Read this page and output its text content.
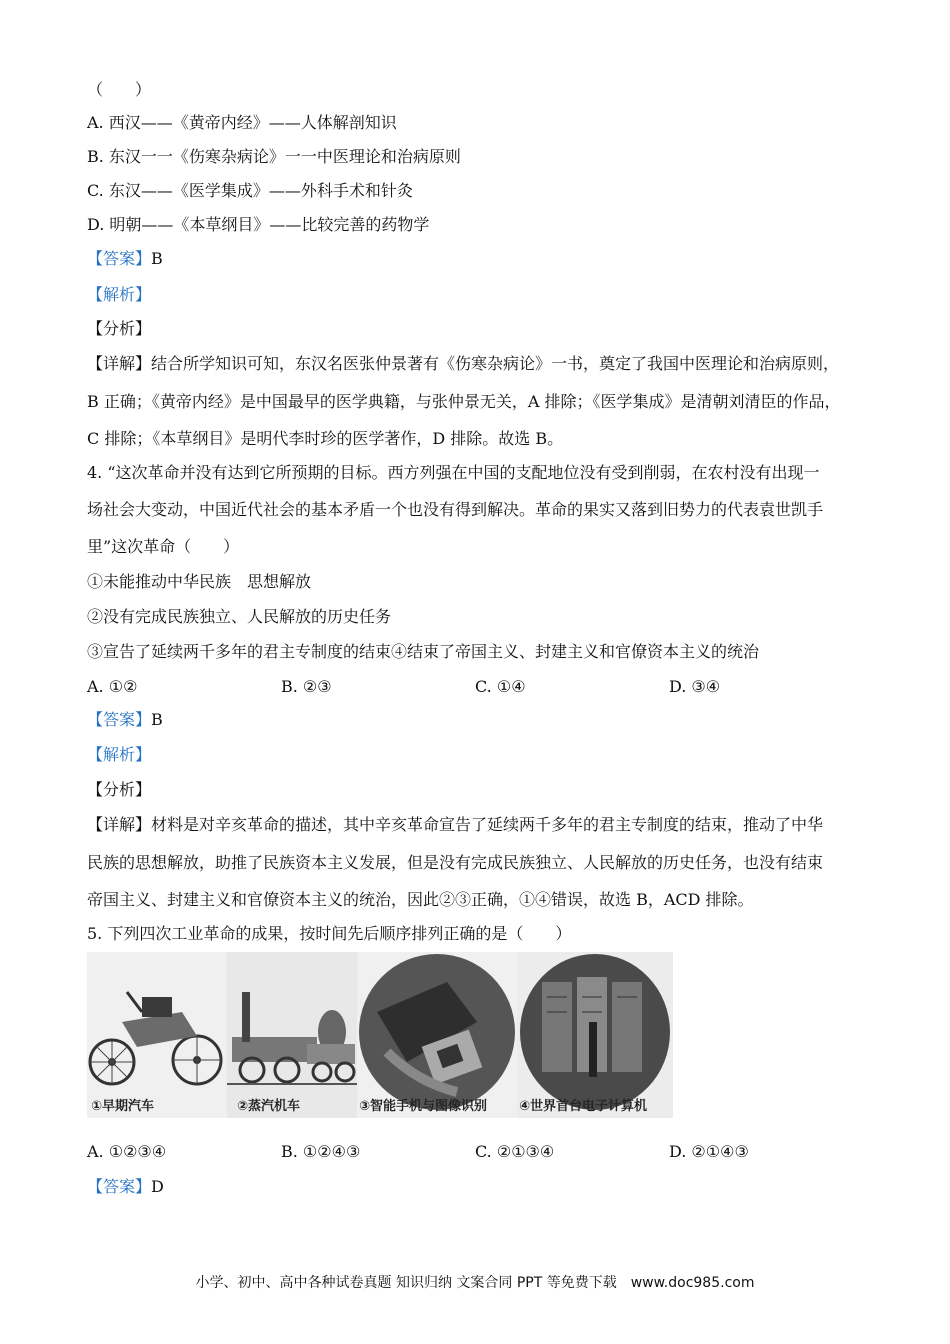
（　　）
A. 西汉——《黄帝内经》——人体解剖知识
B. 东汉一一《伤寒杂病论》一一中医理论和治病原则
C. 东汉——《医学集成》——外科手术和针灸
D. 明朝——《本草纲目》——比较完善的药物学
【答案】B
【解析】
【分析】
【详解】结合所学知识可知，东汉名医张仲景著有《伤寒杂病论》一书，奠定了我国中医理论和治病原则，
B 正确；《黄帝内经》是中国最早的医学典籍，与张仲景无关，A 排除；《医学集成》是清朝刘清臣的作品，
C 排除；《本草纲目》是明代李时珍的医学著作，D 排除。故选 B。
4. “这次革命并没有达到它所预期的目标。西方列强在中国的支配地位没有受到削弱，在农村没有出现一
场社会大变动，中国近代社会的基本矛盾一个也没有得到解决。革命的果实又落到旧势力的代表袁世凯手
里”这次革命（　　）
①未能推动中华民族　思想解放
②没有完成民族独立、人民解放的历史任务
③宣告了延续两千多年的君主专制度的结束④结束了帝国主义、封建主义和官僚资本主义的统治
A. ①②	B. ②③	C. ①④	D. ③④
【答案】B
【解析】
【分析】
【详解】材料是对辛亥革命的描述，其中辛亥革命宣告了延续两千多年的君主专制度的结束，推动了中华
民族的思想解放，助推了民族资本主义发展，但是没有完成民族独立、人民解放的历史任务，也没有结束
帝国主义、封建主义和官僚资本主义的统治，因此②③正确，①④错误，故选 B，ACD 排除。
5. 下列四次工业革命的成果，按时间先后顺序排列正确的是（　　）
①早期汽车	②蒸汽机车	③智能手机与图像识别 ④世界首台电子计算机
A. ①②③④	B. ①②④③	C. ②①③④	D. ②①④③
【答案】D
小学、初中、高中各种试卷真题 知识归纳 文案合同 PPT 等免费下载　www.doc985.com
